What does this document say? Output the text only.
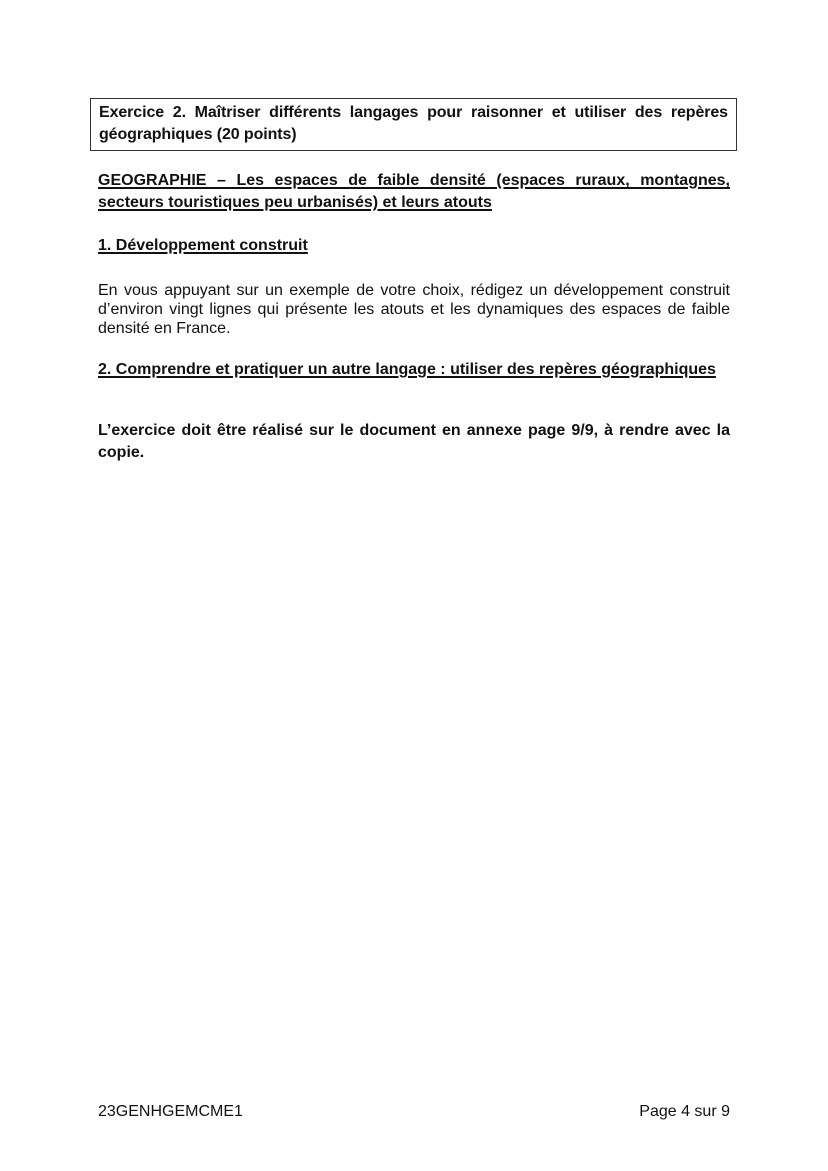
Exercice 2. Maîtriser différents langages pour raisonner et utiliser des repères géographiques (20 points)
GEOGRAPHIE – Les espaces de faible densité (espaces ruraux, montagnes, secteurs touristiques peu urbanisés) et leurs atouts
1. Développement construit
En vous appuyant sur un exemple de votre choix, rédigez un développement construit d’environ vingt lignes qui présente les atouts et les dynamiques des espaces de faible densité en France.
2. Comprendre et pratiquer un autre langage : utiliser des repères géographiques
L’exercice doit être réalisé sur le document en annexe page 9/9, à rendre avec la copie.
23GENHGEMCME1	Page 4 sur 9
